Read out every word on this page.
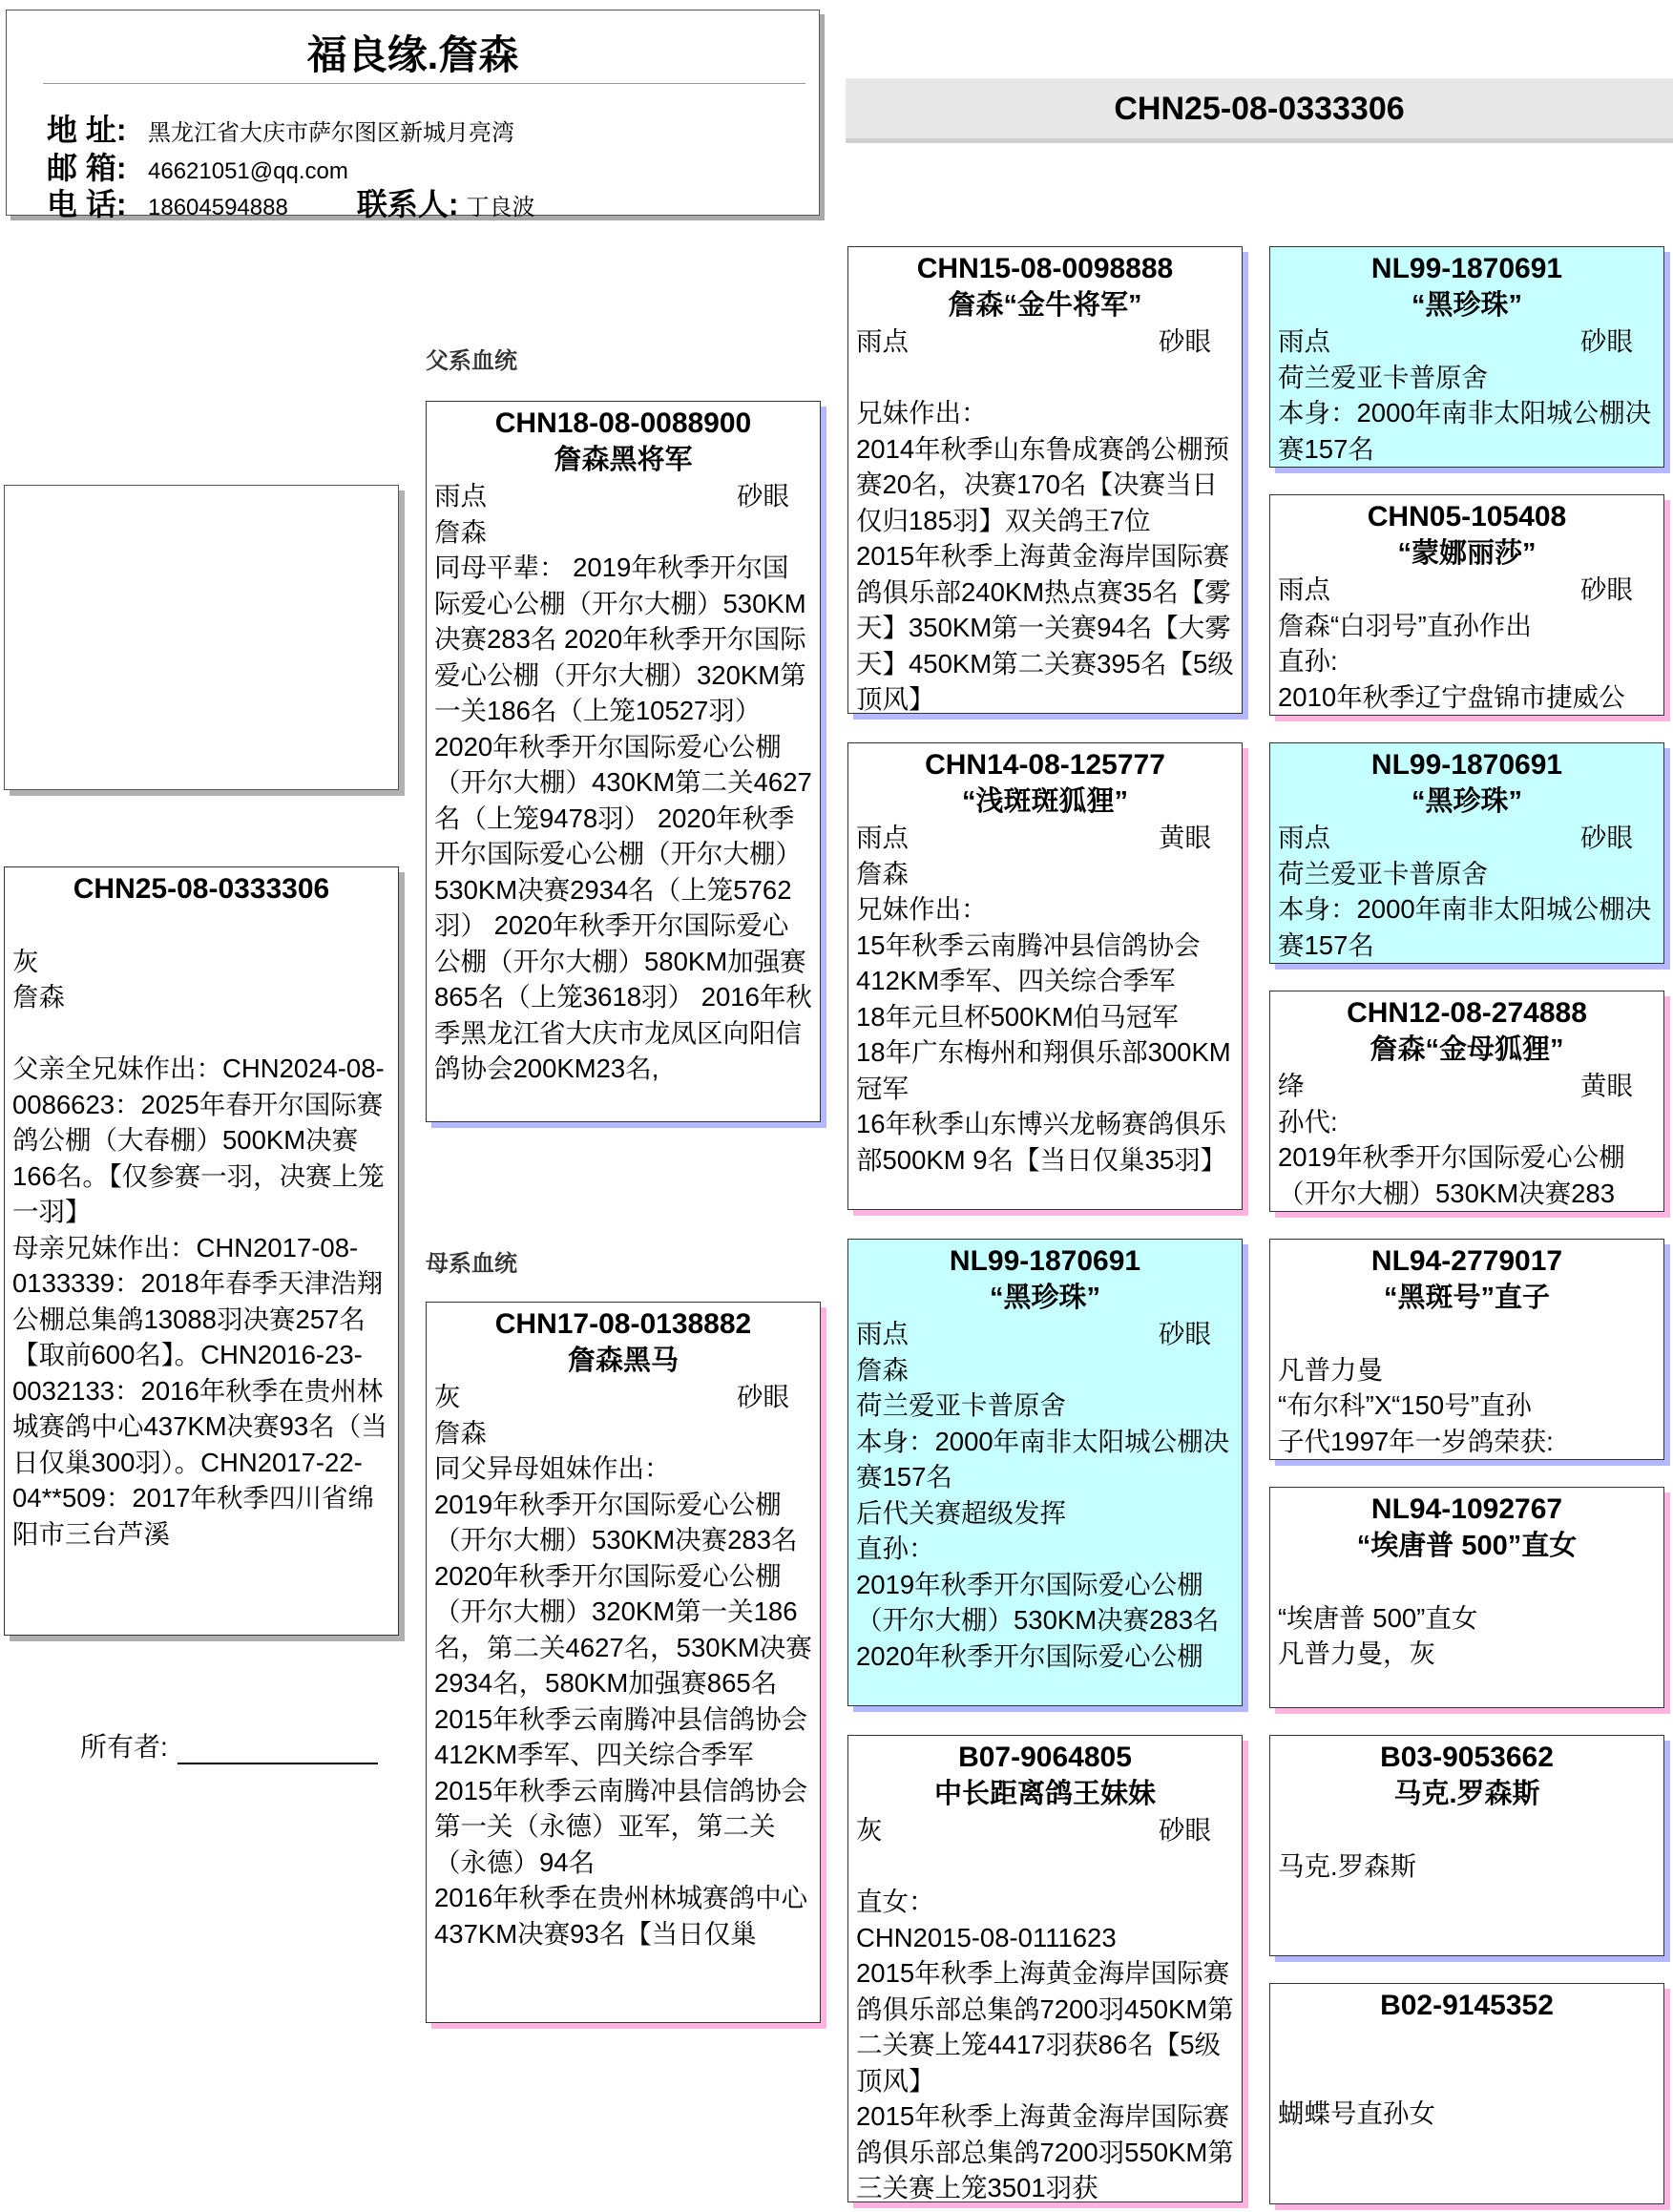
福良缘.詹森
地 址: 黑龙江省大庆市萨尔图区新城月亮湾
邮 箱: 46621051@qq.com
电 话: 18604594888 联系人: 丁良波
CHN25-08-0333306
父系血统
母系血统
CHN25-08-0333306
灰
詹森
父亲全兄妹作出：CHN2024-08-0086623：2025年春开尔国际赛鸽公棚（大春棚）500KM决赛166名。【仅参赛一羽，决赛上笼一羽】
母亲兄妹作出：CHN2017-08-0133339：2018年春季天津浩翔公棚总集鸽13088羽决赛257名【取前600名】。CHN2016-23-0032133：2016年秋季在贵州林城赛鸽中心437KM决赛93名（当日仅巢300羽）。CHN2017-22-04**509：2017年秋季四川省绵阳市三台芦溪
CHN18-08-0088900
詹森黑将军
雨点	砂眼
詹森
同母平辈： 2019年秋季开尔国际爱心公棚（开尔大棚）530KM决赛283名 2020年秋季开尔国际爱心公棚（开尔大棚）320KM第一关186名（上笼10527羽） 2020年秋季开尔国际爱心公棚（开尔大棚）430KM第二关4627名（上笼9478羽） 2020年秋季开尔国际爱心公棚（开尔大棚）530KM决赛2934名（上笼5762羽） 2020年秋季开尔国际爱心公棚（开尔大棚）580KM加强赛865名（上笼3618羽） 2016年秋季黑龙江省大庆市龙凤区向阳信鸽协会200KM23名,
CHN17-08-0138882
詹森黑马
灰	砂眼
詹森
同父异母姐妹作出：
2019年秋季开尔国际爱心公棚（开尔大棚）530KM决赛283名
2020年秋季开尔国际爱心公棚（开尔大棚）320KM第一关186名，第二关4627名，530KM决赛2934名，580KM加强赛865名
2015年秋季云南腾冲县信鸽协会412KM季军、四关综合季军
2015年秋季云南腾冲县信鸽协会第一关（永德）亚军，第二关（永德）94名
2016年秋季在贵州林城赛鸽中心437KM决赛93名【当日仅巢
CHN15-08-0098888
詹森“金牛将军”
雨点	砂眼
兄妹作出：
2014年秋季山东鲁成赛鸽公棚预赛20名，决赛170名【决赛当日仅归185羽】双关鸽王7位
2015年秋季上海黄金海岸国际赛鸽俱乐部240KM热点赛35名【雾天】350KM第一关赛94名【大雾天】450KM第二关赛395名【5级顶风】
CHN14-08-125777
“浅斑斑狐狸”
雨点	黄眼
詹森
兄妹作出：
15年秋季云南腾冲县信鸽协会412KM季军、四关综合季军
18年元旦杯500KM伯马冠军
18年广东梅州和翔俱乐部300KM冠军
16年秋季山东博兴龙畅赛鸽俱乐部500KM 9名【当日仅巢35羽】
NL99-1870691
“黑珍珠”
雨点	砂眼
詹森
荷兰爱亚卡普原舍
本身：2000年南非太阳城公棚决赛157名
后代关赛超级发挥
直孙：
2019年秋季开尔国际爱心公棚（开尔大棚）530KM决赛283名
2020年秋季开尔国际爱心公棚
B07-9064805
中长距离鸽王妹妹
灰	砂眼
直女：
CHN2015-08-0111623
2015年秋季上海黄金海岸国际赛鸽俱乐部总集鸽7200羽450KM第二关赛上笼4417羽获86名【5级顶风】
2015年秋季上海黄金海岸国际赛鸽俱乐部总集鸽7200羽550KM第三关赛上笼3501羽获
NL99-1870691
“黑珍珠”
雨点	砂眼
荷兰爱亚卡普原舍
本身：2000年南非太阳城公棚决赛157名
CHN05-105408
“蒙娜丽莎”
雨点	砂眼
詹森“白羽号”直孙作出
直孙:
2010年秋季辽宁盘锦市捷威公
NL99-1870691
“黑珍珠”
雨点	砂眼
荷兰爱亚卡普原舍
本身：2000年南非太阳城公棚决赛157名
CHN12-08-274888
詹森“金母狐狸”
绛	黄眼
孙代:
2019年秋季开尔国际爱心公棚（开尔大棚）530KM决赛283
NL94-2779017
“黑斑号”直子
凡普力曼
“布尔科”X“150号”直孙
子代1997年一岁鸽荣获:
NL94-1092767
“埃唐普 500”直女
“埃唐普 500”直女
凡普力曼，灰
B03-9053662
马克.罗森斯
马克.罗森斯
B02-9145352
蝴蝶号直孙女
所有者:
